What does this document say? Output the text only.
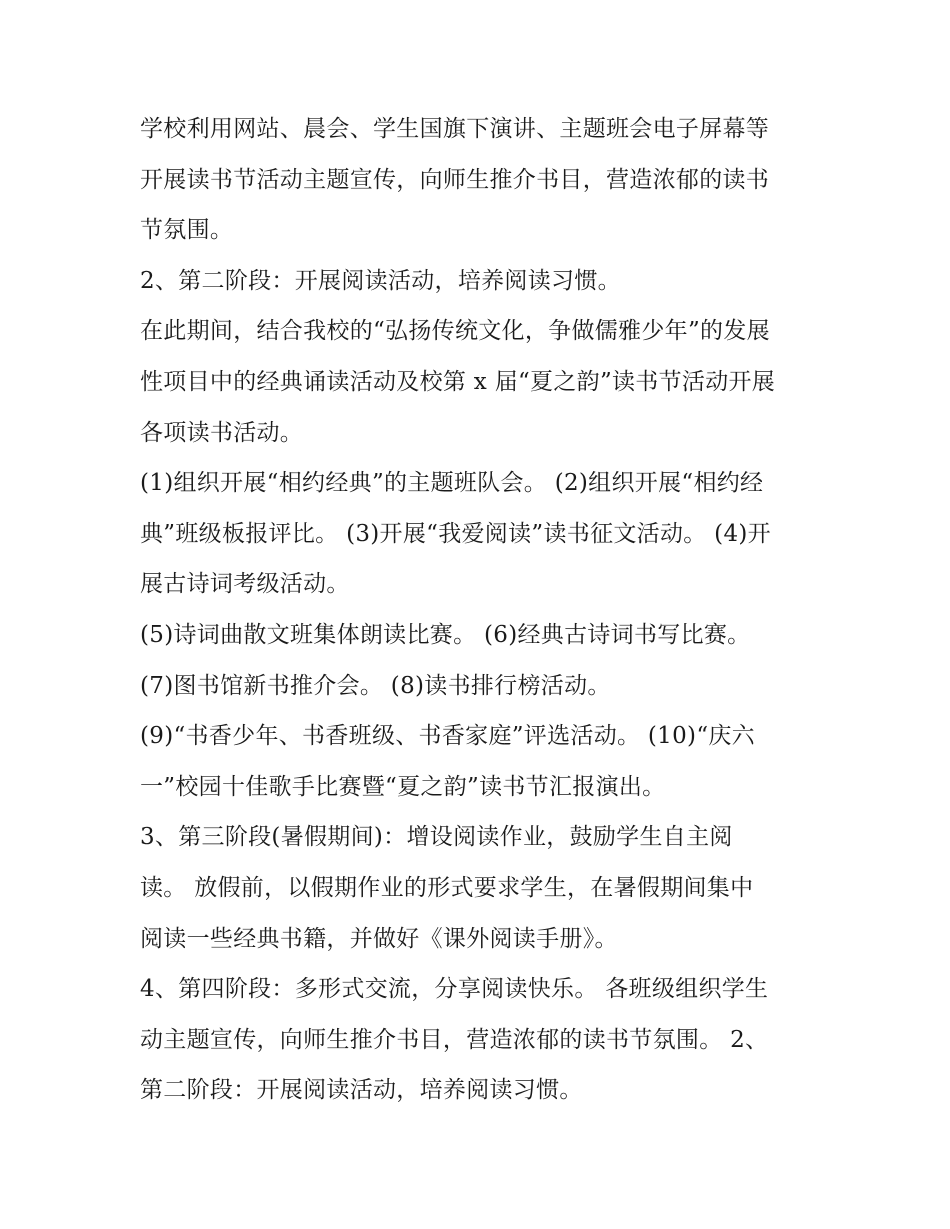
学校利用网站、晨会、学生国旗下演讲、主题班会电子屏幕等
开展读书节活动主题宣传，向师生推介书目，营造浓郁的读书
节氛围。
2、第二阶段：开展阅读活动，培养阅读习惯。
在此期间，结合我校的“弘扬传统文化，争做儒雅少年”的发展
性项目中的经典诵读活动及校第 x 届“夏之韵”读书节活动开展
各项读书活动。
(1)组织开展“相约经典”的主题班队会。 (2)组织开展“相约经
典”班级板报评比。 (3)开展“我爱阅读”读书征文活动。 (4)开
展古诗词考级活动。
(5)诗词曲散文班集体朗读比赛。 (6)经典古诗词书写比赛。
(7)图书馆新书推介会。 (8)读书排行榜活动。
(9)“书香少年、书香班级、书香家庭”评选活动。 (10)“庆六
一”校园十佳歌手比赛暨“夏之韵”读书节汇报演出。
3、第三阶段(暑假期间)：增设阅读作业，鼓励学生自主阅
读。 放假前，以假期作业的形式要求学生，在暑假期间集中
阅读一些经典书籍，并做好《课外阅读手册》。
4、第四阶段：多形式交流，分享阅读快乐。 各班级组织学生
动主题宣传，向师生推介书目，营造浓郁的读书节氛围。 2、
第二阶段：开展阅读活动，培养阅读习惯。
